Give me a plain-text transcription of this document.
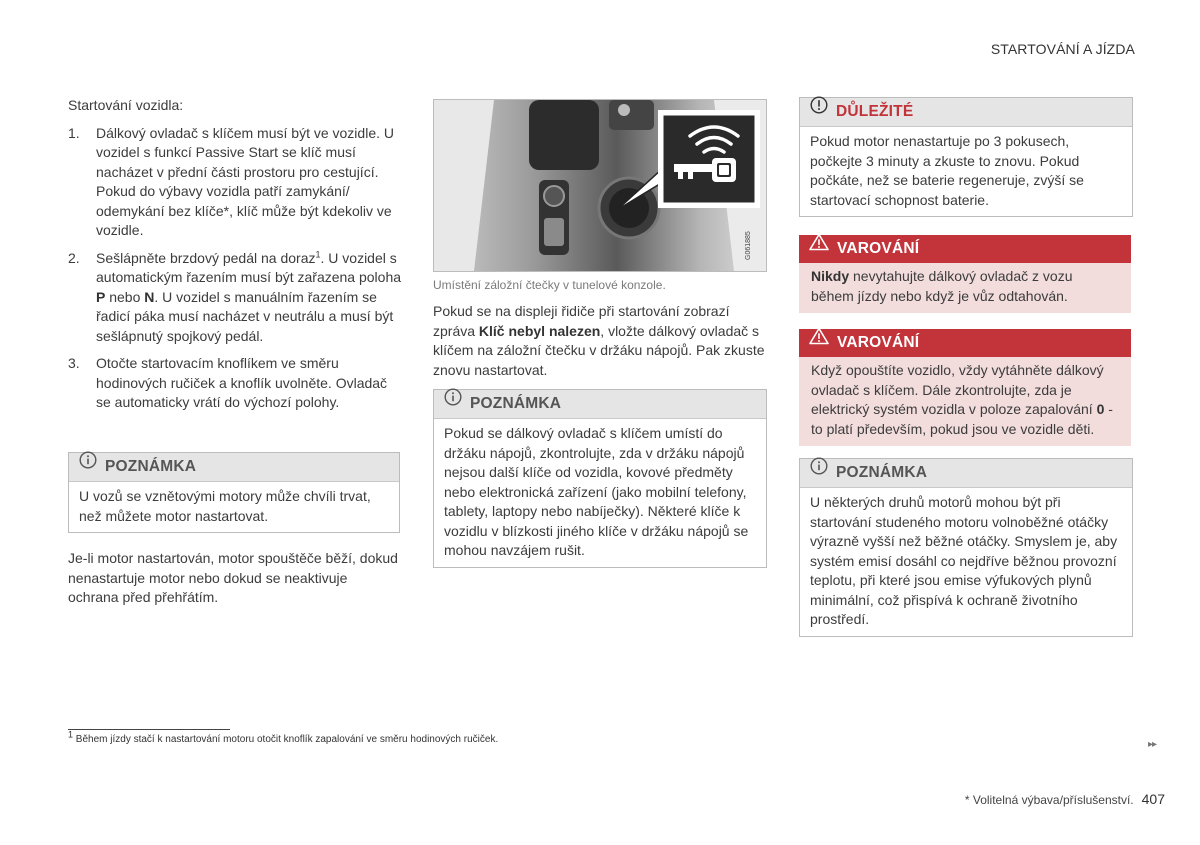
STARTOVÁNÍ A JÍZDA

Startování vozidla:

1. Dálkový ovladač s klíčem musí být ve vozidle. U vozidel s funkcí Passive Start se klíč musí nacházet v přední části prostoru pro cestující. Pokud do výbavy vozidla patří zamykání/ odemykání bez klíče*, klíč může být kdekoliv ve vozidle.
2. Sešlápněte brzdový pedál na doraz$^1$. U vozidel s automatickým řazením musí být zařazena poloha P nebo N. U vozidel s manuálním řazením se řadicí páka musí nacházet v neutrálu a musí být sešlápnutý spojkový pedál.
3. Otočte startovacím knoflíkem ve směru hodinových ručiček a knoflík uvolněte. Ovladač se automaticky vrátí do výchozí polohy.
POZNÁMKA
U vozů se vznětovými motory může chvíli trvat, než můžete motor nastartovat.

Je-li motor nastartován, motor spouštěče běží, dokud nenastartuje motor nebo dokud se neaktivuje ochrana před přehřátím.

G061885
Umístění záložní čtečky v tunelové konzole.

Pokud se na displeji řidiče při startování zobrazí zpráva Klíč nebyl nalezen, vložte dálkový ovladač s klíčem na záložní čtečku v držáku nápojů. Pak zkuste znovu nastartovat.

POZNÁMKA
Pokud se dálkový ovladač s klíčem umístí do držáku nápojů, zkontrolujte, zda v držáku nápojů nejsou další klíče od vozidla, kovové předměty nebo elektronická zařízení (jako mobilní telefony, tablety, laptopy nebo nabíječky). Některé klíče k vozidlu v blízkosti jiného klíče v držáku nápojů se mohou navzájem rušit.
DŮLEŽITÉ
Pokud motor nenastartuje po 3 pokusech, počkejte 3 minuty a zkuste to znovu. Pokud počkáte, než se baterie regeneruje, zvýší se startovací schopnost baterie.
VAROVÁNÍ
Nikdy nevytahujte dálkový ovladač z vozu během jízdy nebo když je vůz odtahován.
VAROVÁNÍ
Když opouštíte vozidlo, vždy vytáhněte dálkový ovladač s klíčem. Dále zkontrolujte, zda je elektrický systém vozidla v poloze zapalování 0 - to platí především, pokud jsou ve vozidle děti.
POZNÁMKA
U některých druhů motorů mohou být při startování studeného motoru volnoběžné otáčky výrazně vyšší než běžné otáčky. Smyslem je, aby systém emisí dosáhl co nejdříve běžnou provozní teplotu, při které jsou emise výfukových plynů minimální, což přispívá k ochraně životního prostředí.
$^1$ Během jízdy stačí k nastartování motoru otočit knoflík zapalování ve směru hodinových ručiček.	▸▸
* Volitelná výbava/příslušenství. 407
